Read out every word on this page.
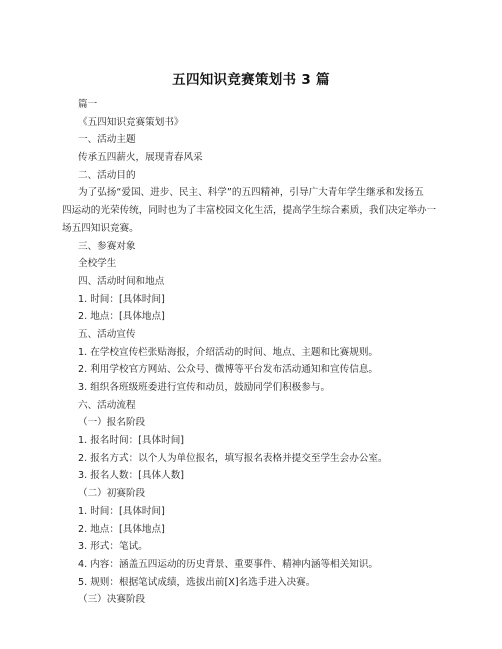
五四知识竞赛策划书 3 篇
篇一
《五四知识竞赛策划书》
一、活动主题
传承五四薪火，展现青春风采
二、活动目的
为了弘扬“爱国、进步、民主、科学”的五四精神，引导广大青年学生继承和发扬五
四运动的光荣传统，同时也为了丰富校园文化生活，提高学生综合素质，我们决定举办一
场五四知识竞赛。
三、参赛对象
全校学生
四、活动时间和地点
1. 时间：[具体时间]
2. 地点：[具体地点]
五、活动宣传
1. 在学校宣传栏张贴海报，介绍活动的时间、地点、主题和比赛规则。
2. 利用学校官方网站、公众号、微博等平台发布活动通知和宣传信息。
3. 组织各班级班委进行宣传和动员，鼓励同学们积极参与。
六、活动流程
（一）报名阶段
1. 报名时间：[具体时间]
2. 报名方式：以个人为单位报名，填写报名表格并提交至学生会办公室。
3. 报名人数：[具体人数]
（二）初赛阶段
1. 时间：[具体时间]
2. 地点：[具体地点]
3. 形式：笔试。
4. 内容：涵盖五四运动的历史背景、重要事件、精神内涵等相关知识。
5. 规则：根据笔试成绩，选拔出前[X]名选手进入决赛。
（三）决赛阶段
